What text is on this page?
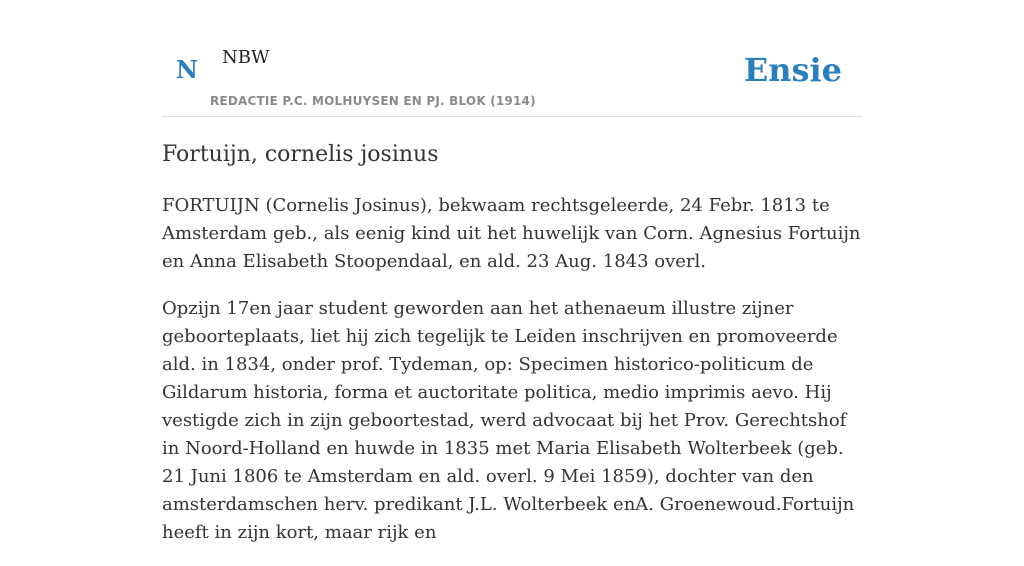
N NBW
REDACTIE P.C. MOLHUYSEN EN PJ. BLOK (1914)
Ensie
Fortuijn, cornelis josinus

FORTUIJN (Cornelis Josinus), bekwaam rechtsgeleerde, 24 Febr. 1813 te Amsterdam geb., als eenig kind uit het huwelijk van Corn. Agnesius Fortuijn en Anna Elisabeth Stoopendaal, en ald. 23 Aug. 1843 overl.

Opzijn 17en jaar student geworden aan het athenaeum illustre zijner geboorteplaats, liet hij zich tegelijk te Leiden inschrijven en promoveerde ald. in 1834, onder prof. Tydeman, op: Specimen historico-politicum de Gildarum historia, forma et auctoritate politica, medio imprimis aevo. Hij vestigde zich in zijn geboortestad, werd advocaat bij het Prov. Gerechtshof in Noord-Holland en huwde in 1835 met Maria Elisabeth Wolterbeek (geb. 21 Juni 1806 te Amsterdam en ald. overl. 9 Mei 1859), dochter van den amsterdamschen herv. predikant J.L. Wolterbeek enA. Groenewoud.Fortuijn heeft in zijn kort, maar rijk en
